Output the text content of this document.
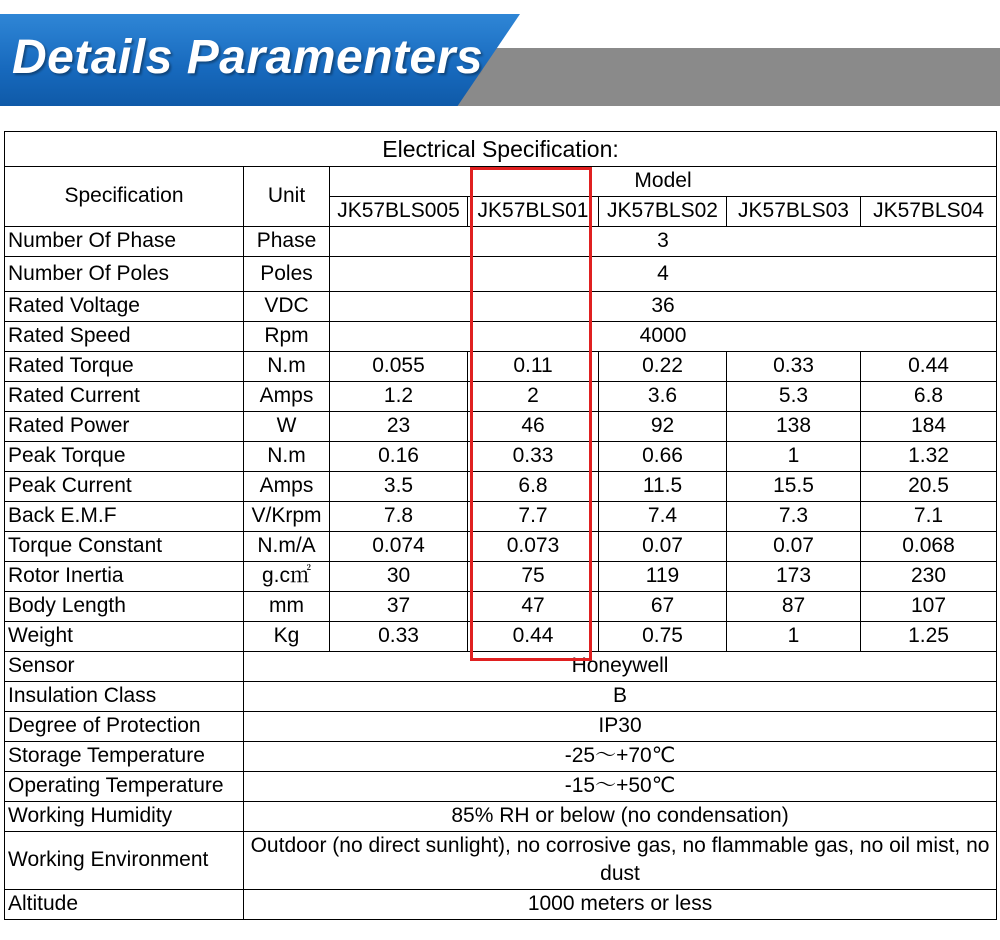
Details Paramenters
Electrical Specification:						
Specification	Unit	Model				
		JK57BLS005	JK57BLS01	JK57BLS02	JK57BLS03	JK57BLS04
Number Of Phase	Phase	3				
Number Of Poles	Poles	4				
Rated Voltage	VDC	36				
Rated Speed	Rpm	4000				
Rated Torque	N.m	0.055	0.11	0.22	0.33	0.44
Rated Current	Amps	1.2	2	3.6	5.3	6.8
Rated Power	W	23	46	92	138	184
Peak Torque	N.m	0.16	0.33	0.66	1	1.32
Peak Current	Amps	3.5	6.8	11.5	15.5	20.5
Back E.M.F	V/Krpm	7.8	7.7	7.4	7.3	7.1
Torque Constant	N.m/A	0.074	0.073	0.07	0.07	0.068
Rotor Inertia	g.c㎡	30	75	119	173	230
Body Length	mm	37	47	67	87	107
Weight	Kg	0.33	0.44	0.75	1	1.25
Sensor	Honeywell					
Insulation Class	B					
Degree of Protection	IP30					
Storage Temperature	-25～+70℃					
Operating Temperature	-15～+50℃					
Working Humidity	85% RH or below (no condensation)					
Working Environment	Outdoor (no direct sunlight), no corrosive gas, no flammable gas, no oil mist, no dust					
Altitude	1000 meters or less					
